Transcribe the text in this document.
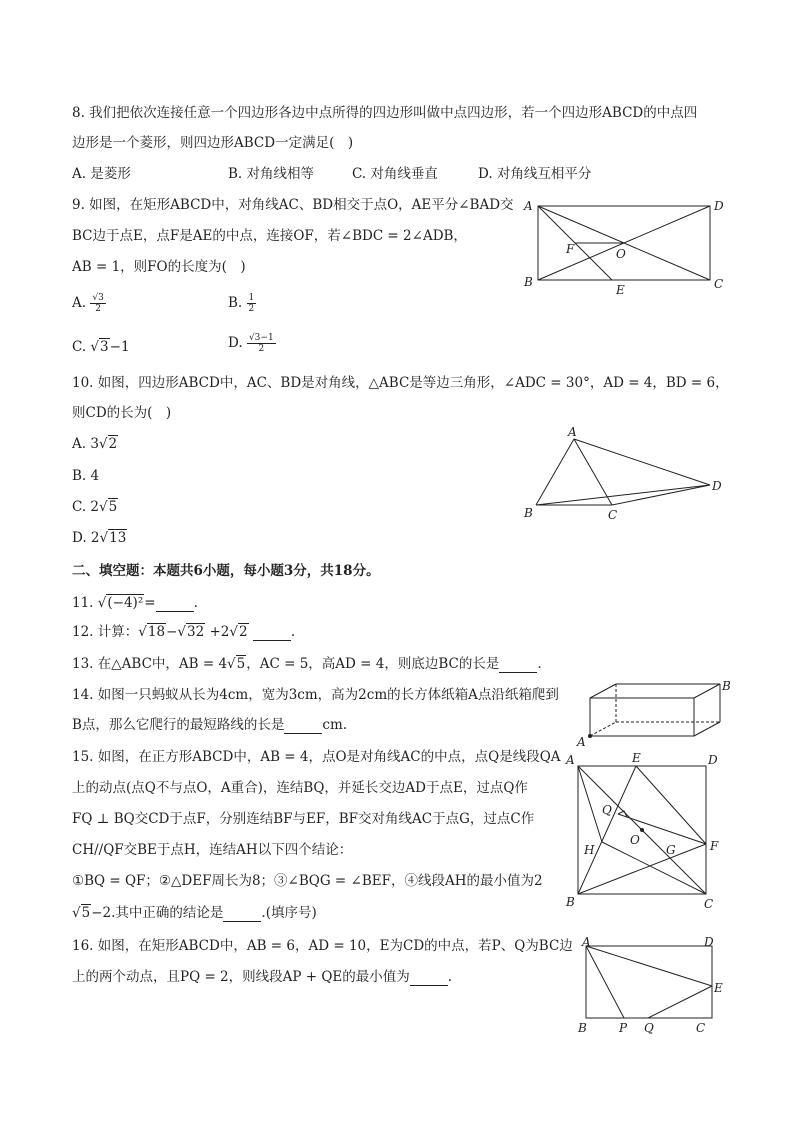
8. 我们把依次连接任意一个四边形各边中点所得的四边形叫做中点四边形，若一个四边形ABCD的中点四
边形是一个菱形，则四边形ABCD一定满足(　)
A. 是菱形	B. 对角线相等	C. 对角线垂直	D. 对角线互相平分
9. 如图，在矩形ABCD中，对角线AC、BD相交于点O，AE平分∠BAD交
BC边于点E，点F是AE的中点，连接OF，若∠BDC = 2∠ADB，
AB = 1，则FO的长度为(　)
A. $\frac{√3}{2}$	B. $\frac{1}{2}$
C. √3−1	D. $\frac{√3-1}{2}$
A	D
B	C
E
F	O
10. 如图，四边形ABCD中，AC、BD是对角线，△ABC是等边三角形，∠ADC = 30°，AD = 4，BD = 6，
则CD的长为(　)
A. 3√2
B. 4
C. 2√5
D. 2√13
A
B	C
D
二、填空题：本题共6小题，每小题3分，共18分。
11. √(−4)²=	.
12. 计算：√18−√32 +2√2	.
13. 在△ABC中，AB = 4√5，AC = 5，高AD = 4，则底边BC的长是	.
14. 如图一只蚂蚁从长为4cm，宽为3cm，高为2cm的长方体纸箱A点沿纸箱爬到
B点，那么它爬行的最短路线的长是	cm.
A
B
15. 如图，在正方形ABCD中，AB = 4，点O是对角线AC的中点，点Q是线段QA
上的动点(点Q不与点O，A重合)，连结BQ，并延长交边AD于点E，过点Q作
FQ ⊥ BQ交CD于点F，分别连结BF与EF，BF交对角线AC于点G，过点C作
CH//QF交BE于点H，连结AH以下四个结论：
①BQ = QF；②△DEF周长为8；③∠BQG = ∠BEF，④线段AH的最小值为2
√5−2.其中正确的结论是	.(填序号)
A	E	D
Q
O
H	G	F
B	C
16. 如图，在矩形ABCD中，AB = 6，AD = 10，E为CD的中点，若P、Q为BC边
上的两个动点，且PQ = 2，则线段AP + QE的最小值为	.
A	D
E
B	P Q	C
